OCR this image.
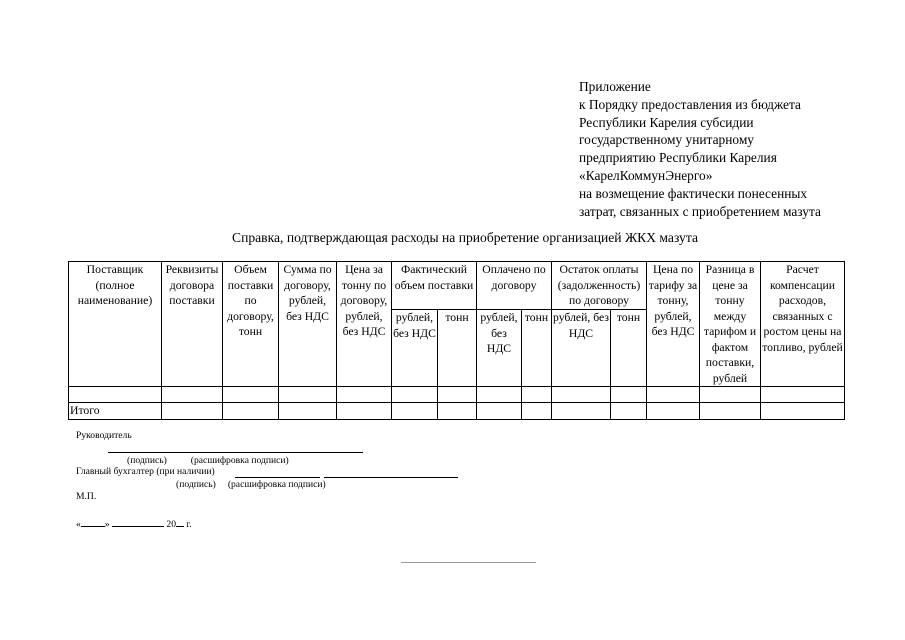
Приложение
к Порядку предоставления из бюджета
Республики Карелия субсидии
государственному унитарному
предприятию Республики Карелия
«КарелКоммунЭнерго»
на возмещение фактически понесенных
затрат, связанных с приобретением мазута
Справка, подтверждающая расходы на приобретение организацией ЖКХ мазута
Поставщик (полное наименование)	Реквизиты договора поставки	Объем поставки по договору, тонн	Сумма по договору, рублей, без НДС	Цена за тонну по договору, рублей, без НДС	Фактический объем поставки		Оплачено по договору		Остаток оплаты (задолженность) по договору		Цена по тарифу за тонну, рублей, без НДС	Разница в цене за тонну между тарифом и фактом поставки, рублей	Расчет компенсации расходов, связанных с ростом цены на топливо, рублей
					рублей, без НДС	тонн	рублей, без НДС	тонн	рублей, без НДС	тонн			

Итого													
Руководитель
(подпись)          (расшифровка подписи)
Главный бухгалтер (при наличии)
(подпись)     (расшифровка подписи)
М.П.
«	»	20 г.
